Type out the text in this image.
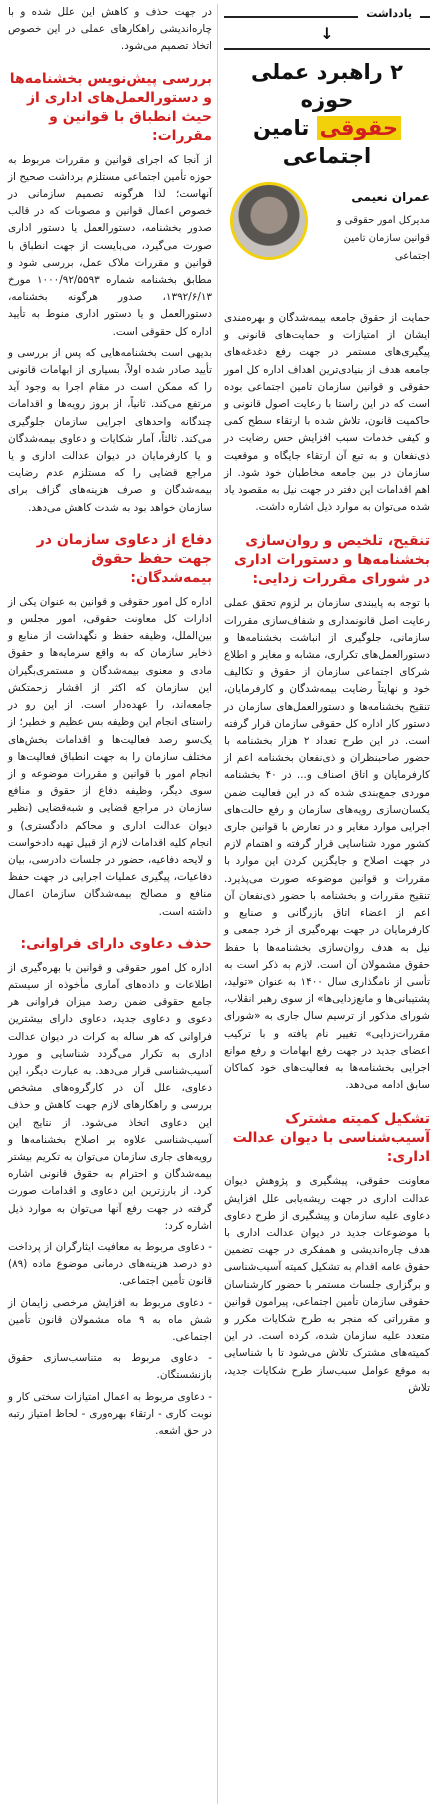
یادداشت
↓
۲ راهبرد عملی حوزه
حقوقی تامین اجتماعی
عمران نعیمی
مدیرکل امور حقوقی و قوانین سازمان تامین اجتماعی

حمایت از حقوق جامعه بیمه‌شدگان و بهره‌مندی ایشان از امتیازات و حمایت‌های قانونی و پیگیری‌های مستمر در جهت رفع دغدغه‌های جامعه هدف از بنیادی‌ترین اهداف اداره کل امور حقوقی و قوانین سازمان تامین اجتماعی بوده است که در این راستا با رعایت اصول قانونی و حاکمیت قانون، تلاش شده با ارتقاء سطح کمی و کیفی خدمات سبب افزایش حس رضایت در ذی‌نفعان و به تبع آن ارتقاء جایگاه و موقعیت سازمان در بین جامعه مخاطبان خود شود. از اهم اقدامات این دفتر در جهت نیل به مقصود یاد شده می‌توان به موارد ذیل اشاره داشت.

تنقیح، تلخیص و روان‌سازی بخشنامه‌ها و دستورات اداری در شورای مقررات زدایی:

با توجه به پایبندی سازمان بر لزوم تحقق عملی رعایت اصل قانونمداری و شفاف‌سازی مقررات سازمانی، جلوگیری از انباشت بخشنامه‌ها و دستورالعمل‌های تکراری، مشابه و مغایر و اطلاع‌ شرکای اجتماعی سازمان از حقوق و تکالیف خود و نهایتاً رضایت بیمه‌شدگان و کارفرمایان، تنقیح بخشنامه‌ها و دستورالعمل‌های سازمان در دستور کار اداره کل حقوقی سازمان قرار گرفته است. در این طرح تعداد ۲ هزار بخشنامه با حضور صاحبنظران و ذی‌نفعان بخشنامه اعم از کارفرمایان و اتاق اصناف و... در ۴۰ بخشنامه موردی جمع‌بندی شده که در این فعالیت ضمن یکسان‌سازی رویه‌های سازمان و رفع حالت‌های اجرایی موارد مغایر و در تعارض با قوانین جاری کشور مورد شناسایی قرار گرفته و اهتمام لازم در جهت اصلاح و جایگزین کردن این موارد با مقررات و قوانین موضوعه صورت می‌پذیرد. تنقیح مقررات و بخشنامه با حضور ذی‌نفعان آن اعم از اعضاء اتاق بازرگانی و صنایع و کارفرمایان در جهت بهره‌گیری از خرد جمعی و نیل به هدف روان‌سازی بخشنامه‌ها با حفظ حقوق مشمولان آن است. لازم به ذکر است به تأسی از نامگذاری سال ۱۴۰۰ به عنوان «تولید، پشتیبانی‌ها و مانع‌زدایی‌ها» از سوی رهبر انقلاب، شورای مذکور از ترسیم سال جاری به «شورای مقررات‌زدایی» تغییر نام یافته و با ترکیب اعضای جدید در جهت رفع ابهامات و رفع موانع اجرایی بخشنامه‌ها به فعالیت‌های خود کماکان سابق ادامه می‌دهد.

تشکیل کمیته مشترک آسیب‌شناسی با دیوان عدالت اداری:

معاونت حقوقی، پیشگیری و پژوهش دیوان عدالت اداری در جهت ریشه‌یابی علل افزایش دعاوی علیه سازمان و پیشگیری از طرح دعاوی با موضوعات جدید در دیوان عدالت اداری با هدف چاره‌اندیشی و همفکری در جهت تضمین حقوق عامه اقدام به تشکیل کمیته آسیب‌شناسی و برگزاری جلسات مستمر با حضور کارشناسان حقوقی سازمان تأمین اجتماعی، پیرامون قوانین و مقرراتی که منجر به طرح شکایات مکرر و متعدد علیه سازمان شده، کرده است. در این کمیته‌های مشترک تلاش می‌شود تا با شناسایی به موقع عوامل سبب‌ساز طرح شکایات جدید، تلاش

در جهت حذف و کاهش این علل شده و با چاره‌اندیشی راهکارهای عملی در این خصوص اتخاذ تصمیم می‌شود.

بررسی پیش‌نویس بخشنامه‌ها و دستورالعمل‌های اداری از حیث انطباق با قوانین و مقررات:

از آنجا که اجرای قوانین و مقررات مربوط به حوزه تأمین اجتماعی مستلزم برداشت صحیح از آنهاست؛ لذا هرگونه تصمیم سازمانی در خصوص اعمال قوانین و مصوبات که در قالب صدور بخشنامه، دستورالعمل یا دستور اداری صورت می‌گیرد، می‌بایست از جهت انطباق با قوانین و مقررات ملاک عمل، بررسی شود و مطابق بخشنامه شماره ۱۰۰۰/۹۲/۵۵۹۳ مورخ ۱۳۹۲/۶/۱۳، صدور هرگونه بخشنامه، دستورالعمل و یا دستور اداری منوط به تأیید اداره کل حقوقی است.

بدیهی است بخشنامه‌هایی که پس از بررسی و تأیید صادر شده اولاً، بسیاری از ابهامات قانونی را که ممکن است در مقام اجرا به وجود آید مرتفع می‌کند. ثانیاً، از بروز رویه‌ها و اقدامات چندگانه واحدهای اجرایی سازمان جلوگیری می‌کند. ثالثاً، آمار شکایات و دعاوی بیمه‌شدگان و یا کارفرمایان در دیوان عدالت اداری و یا مراجع قضایی را که مستلزم عدم رضایت بیمه‌شدگان و صرف هزینه‌های گزاف برای سازمان خواهد بود به شدت کاهش می‌دهد.

دفاع از دعاوی سازمان در جهت حفظ حقوق بیمه‌شدگان:

اداره کل امور حقوقی و قوانین به عنوان یکی از ادارات کل معاونت حقوقی، امور مجلس و بین‌الملل، وظیفه حفظ و نگهداشت از منابع و ذخایر سازمان که به واقع سرمایه‌ها و حقوق مادی و معنوی بیمه‌شدگان و مستمری‌بگیران این سازمان که اکثر از اقشار زحمتکش جامعه‌اند، را عهده‌دار است. از این رو در راستای انجام این وظیفه بس عظیم و خطیر؛ از یک‌سو رصد فعالیت‌ها و اقدامات بخش‌های مختلف سازمان را به جهت انطباق فعالیت‌ها و انجام امور با قوانین و مقررات موضوعه و از سوی دیگر، وظیفه دفاع از حقوق و منافع سازمان در مراجع قضایی و شبه‌قضایی (نظیر دیوان عدالت اداری و محاکم دادگستری) و انجام کلیه اقدامات لازم از قبیل تهیه دادخواست و لایحه دفاعیه، حضور در جلسات دادرسی، بیان دفاعیات، پیگیری عملیات اجرایی در جهت حفظ منافع و مصالح بیمه‌شدگان سازمان اعمال داشته است.

حذف دعاوی دارای فراوانی:

اداره کل امور حقوقی و قوانین با بهره‌گیری از اطلاعات و داده‌های آماری مأخوذه از سیستم جامع حقوقی ضمن رصد میزان فراوانی هر دعوی و دعاوی جدید، دعاوی دارای بیشترین فراوانی که هر ساله به کرات در دیوان عدالت اداری به تکرار می‌گردد شناسایی و مورد آسیب‌شناسی قرار می‌دهد. به عبارت دیگر، این دعاوی، علل آن در کارگروه‌های مشخص بررسی و راهکارهای لازم جهت کاهش و حذف این دعاوی اتخاذ می‌شود. از نتایج این آسیب‌شناسی علاوه بر اصلاح بخشنامه‌ها و رویه‌های جاری سازمان می‌توان به تکریم بیشتر بیمه‌شدگان و احترام به حقوق قانونی اشاره کرد. از بارزترین این دعاوی و اقدامات صورت گرفته در جهت رفع آنها می‌توان به موارد ذیل اشاره کرد:

- دعاوی مربوط به معافیت ایثارگران از پرداخت دو درصد هزینه‌های درمانی موضوع ماده (۸۹) قانون تأمین اجتماعی.

- دعاوی مربوط به افزایش مرخصی زایمان از شش ماه به ۹ ماه مشمولان قانون تأمین اجتماعی.

- دعاوی مربوط به متناسب‌سازی حقوق بازنشستگان.

- دعاوی مربوط به اعمال امتیازات سختی کار و نوبت کاری - ارتقاء بهره‌وری - لحاظ امتیاز رتبه در حق اشعه.
